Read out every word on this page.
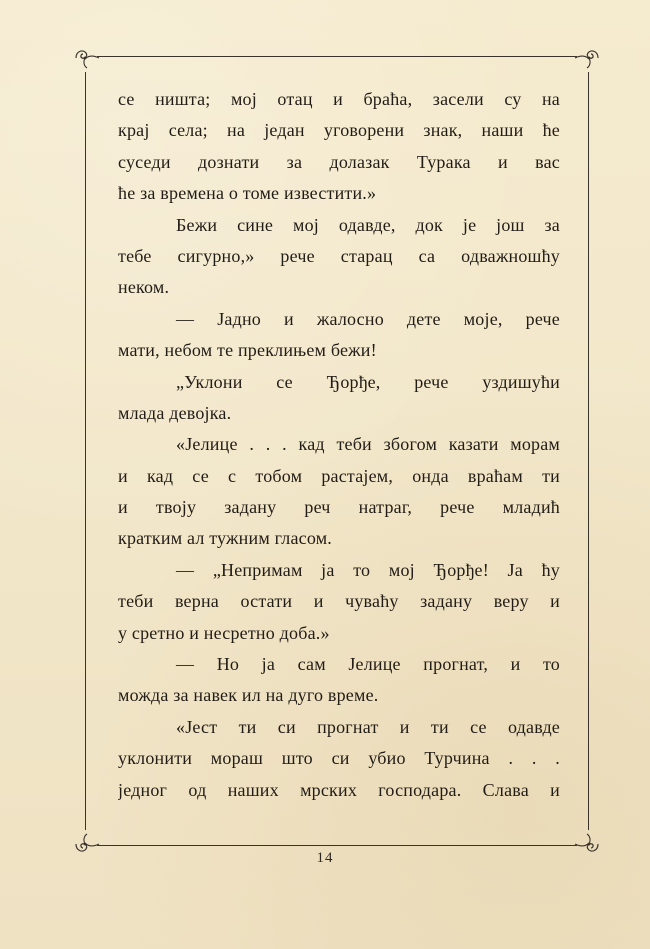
се ништа; мој отац и браћа, засели су на
крај села; на један уговорени знак, наши ће
суседи дознати за долазак Турака и вас
ће за времена о томе известити.»
Бежи сине мој одавде, док је још за
тебе сигурно,» рече старац са одважношћу
неком.
— Јадно и жалосно дете моје, рече
мати, небом те преклињем бежи!
„Уклони се Ђорђе, рече уздишући
млада девојка.
«Јелице . . . кад теби збогом казати морам
и кад се с тобом растајем, онда враћам ти
и твоју задану реч натраг, рече младић
кратким ал тужним гласом.
— „Непримам ја то мој Ђорђе! Ја ћу
теби верна остати и чуваћу задану веру и
у сретно и несретно доба.»
— Но ја сам Јелице прогнат, и то
можда за навек ил на дуго време.
«Јест ти си прогнат и ти се одавде
уклонити мораш што си убио Турчина . . .
једног од наших мрских господара. Слава и
14
